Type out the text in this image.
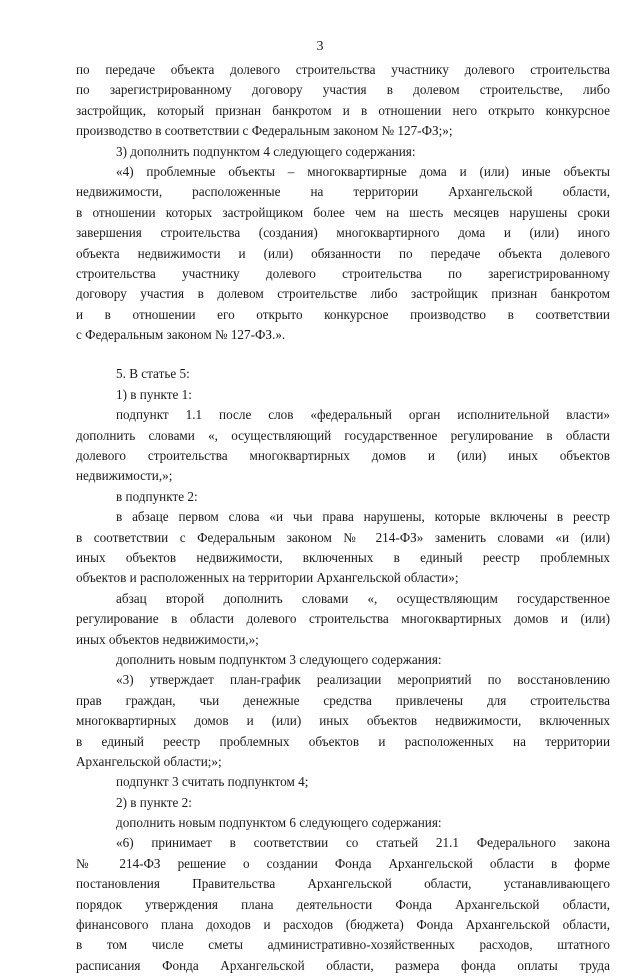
3
по передаче объекта долевого строительства участнику долевого строительства
по зарегистрированному договору участия в долевом строительстве, либо
застройщик, который признан банкротом и в отношении него открыто конкурсное
производство в соответствии с Федеральным законом № 127-ФЗ;»;
3) дополнить подпунктом 4 следующего содержания:
«4) проблемные объекты – многоквартирные дома и (или) иные объекты
недвижимости, расположенные на территории Архангельской области,
в отношении которых застройщиком более чем на шесть месяцев нарушены сроки
завершения строительства (создания) многоквартирного дома и (или) иного
объекта недвижимости и (или) обязанности по передаче объекта долевого
строительства участнику долевого строительства по зарегистрированному
договору участия в долевом строительстве либо застройщик признан банкротом
и в отношении его открыто конкурсное производство в соответствии
с Федеральным законом № 127-ФЗ.».
5. В статье 5:
1) в пункте 1:
подпункт 1.1 после слов «федеральный орган исполнительной власти»
дополнить словами «, осуществляющий государственное регулирование в области
долевого строительства многоквартирных домов и (или) иных объектов
недвижимости,»;
в подпункте 2:
в абзаце первом слова «и чьи права нарушены, которые включены в реестр
в соответствии с Федеральным законом № 214-ФЗ» заменить словами «и (или)
иных объектов недвижимости, включенных в единый реестр проблемных
объектов и расположенных на территории Архангельской области»;
абзац второй дополнить словами «, осуществляющим государственное
регулирование в области долевого строительства многоквартирных домов и (или)
иных объектов недвижимости,»;
дополнить новым подпунктом 3 следующего содержания:
«3) утверждает план-график реализации мероприятий по восстановлению
прав граждан, чьи денежные средства привлечены для строительства
многоквартирных домов и (или) иных объектов недвижимости, включенных
в единый реестр проблемных объектов и расположенных на территории
Архангельской области;»;
подпункт 3 считать подпунктом 4;
2) в пункте 2:
дополнить новым подпунктом 6 следующего содержания:
«6) принимает в соответствии со статьей 21.1 Федерального закона
№ 214-ФЗ решение о создании Фонда Архангельской области в форме
постановления Правительства Архангельской области, устанавливающего
порядок утверждения плана деятельности Фонда Архангельской области,
финансового плана доходов и расходов (бюджета) Фонда Архангельской области,
в том числе сметы административно-хозяйственных расходов, штатного
расписания Фонда Архангельской области, размера фонда оплаты труда
